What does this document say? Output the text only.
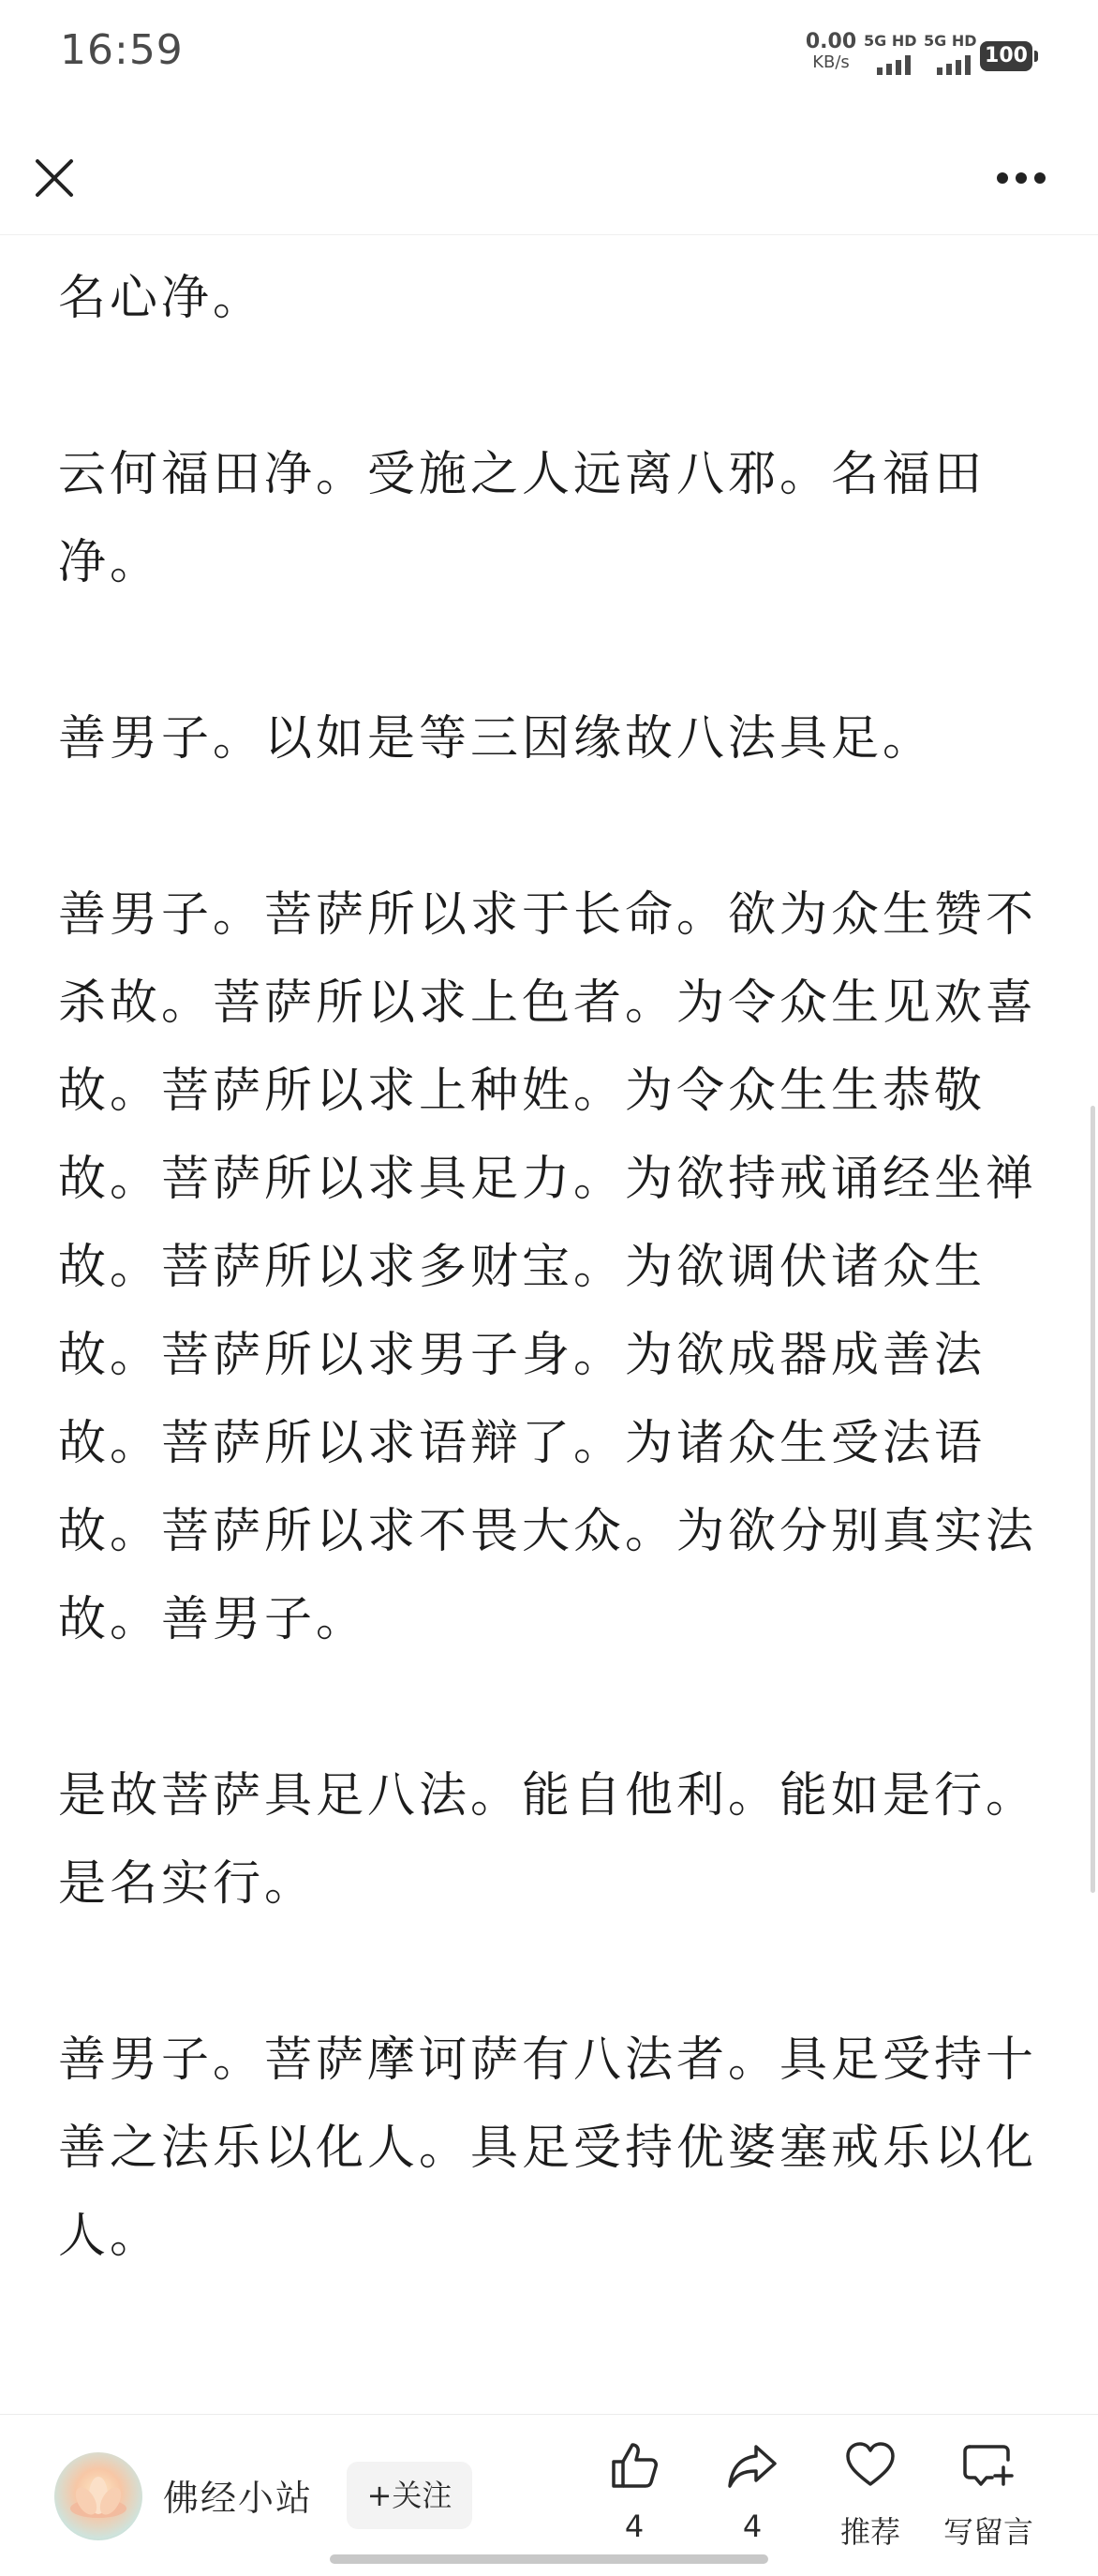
16:59	0.00
KB/s
5G HD 5G HD
100

名心净。

云何福田净。受施之人远离八邪。名福田净。

善男子。以如是等三因缘故八法具足。

善男子。菩萨所以求于长命。欲为众生赞不杀故。菩萨所以求上色者。为令众生见欢喜故。菩萨所以求上种姓。为令众生生恭敬故。菩萨所以求具足力。为欲持戒诵经坐禅故。菩萨所以求多财宝。为欲调伏诸众生故。菩萨所以求男子身。为欲成器成善法故。菩萨所以求语辩了。为诸众生受法语故。菩萨所以求不畏大众。为欲分别真实法故。善男子。

是故菩萨具足八法。能自他利。能如是行。是名实行。

善男子。菩萨摩诃萨有八法者。具足受持十善之法乐以化人。具足受持优婆塞戒乐以化人。

佛经小站	+关注
4	4	推荐	写留言
